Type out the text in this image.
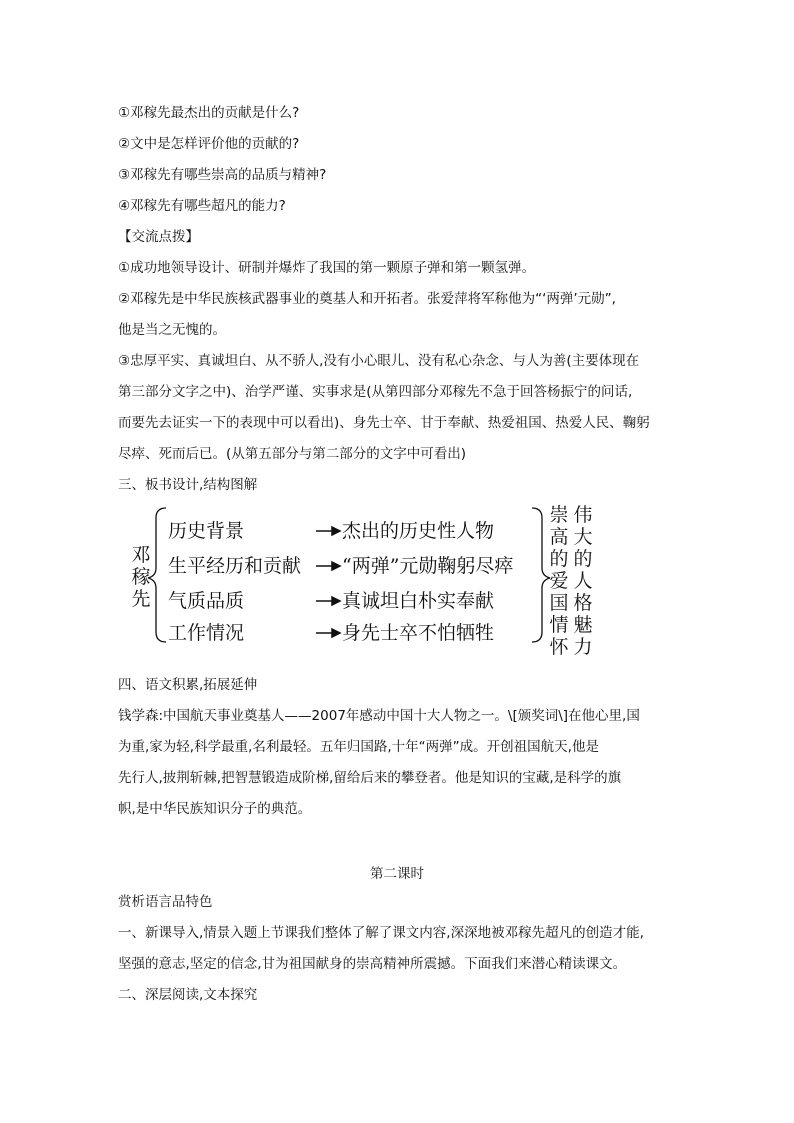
①邓稼先最杰出的贡献是什么?
②文中是怎样评价他的贡献的?
③邓稼先有哪些崇高的品质与精神?
④邓稼先有哪些超凡的能力?
【交流点拨】
①成功地领导设计、研制并爆炸了我国的第一颗原子弹和第一颗氢弹。
②邓稼先是中华民族核武器事业的奠基人和开拓者。张爱萍将军称他为“‘两弹’元勋”,
他是当之无愧的。
③忠厚平实、真诚坦白、从不骄人,没有小心眼儿、没有私心杂念、与人为善(主要体现在
第三部分文字之中)、治学严谨、实事求是(从第四部分邓稼先不急于回答杨振宁的问话,
而要先去证实一下的表现中可以看出)、身先士卒、甘于奉献、热爱祖国、热爱人民、鞠躬
尽瘁、死而后已。(从第五部分与第二部分的文字中可看出)
三、板书设计,结构图解
邓
稼
先
历史背景
生平经历和贡献
气质品质
工作情况
杰出的历史性人物
“两弹”元勋鞠躬尽瘁
真诚坦白朴实奉献
身先士卒不怕牺牲
崇
高
的
爱
国
情
怀
伟
大
的
人
格
魅
力
四、语文积累,拓展延伸
钱学森:中国航天事业奠基人——2007年感动中国十大人物之一。\[颁奖词\]在他心里,国
为重,家为轻,科学最重,名利最轻。五年归国路,十年“两弹”成。开创祖国航天,他是
先行人,披荆斩棘,把智慧锻造成阶梯,留给后来的攀登者。他是知识的宝藏,是科学的旗
帜,是中华民族知识分子的典范。
第二课时
赏析语言品特色
一、新课导入,情景入题上节课我们整体了解了课文内容,深深地被邓稼先超凡的创造才能,
坚强的意志,坚定的信念,甘为祖国献身的崇高精神所震撼。下面我们来潜心精读课文。
二、深层阅读,文本探究
